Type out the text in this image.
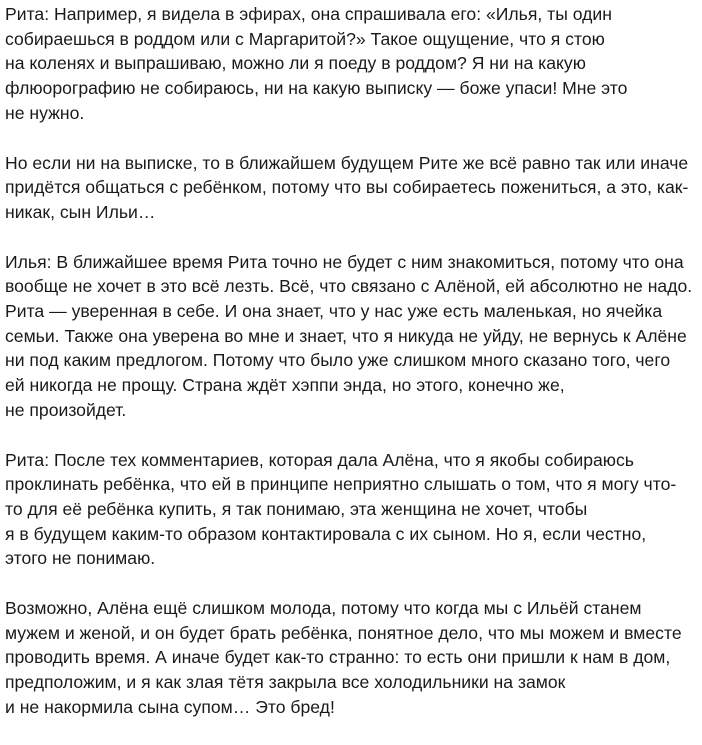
Рита: Например, я видела в эфирах, она спрашивала его: «Илья, ты один
собираешься в роддом или с Маргаритой?» Такое ощущение, что я стою
на коленях и выпрашиваю, можно ли я поеду в роддом? Я ни на какую
флюорографию не собираюсь, ни на какую выписку — боже упаси! Мне это
не нужно.

Но если ни на выписке, то в ближайшем будущем Рите же всё равно так или иначе
придётся общаться с ребёнком, потому что вы собираетесь пожениться, а это, как-
никак, сын Ильи…

Илья: В ближайшее время Рита точно не будет с ним знакомиться, потому что она
вообще не хочет в это всё лезть. Всё, что связано с Алёной, ей абсолютно не надо.
Рита — уверенная в себе. И она знает, что у нас уже есть маленькая, но ячейка
семьи. Также она уверена во мне и знает, что я никуда не уйду, не вернусь к Алёне
ни под каким предлогом. Потому что было уже слишком много сказано того, чего
ей никогда не прощу. Страна ждёт хэппи энда, но этого, конечно же,
не произойдет.

Рита: После тех комментариев, которая дала Алёна, что я якобы собираюсь
проклинать ребёнка, что ей в принципе неприятно слышать о том, что я могу что-
то для её ребёнка купить, я так понимаю, эта женщина не хочет, чтобы
я в будущем каким-то образом контактировала с их сыном. Но я, если честно,
этого не понимаю.

Возможно, Алёна ещё слишком молода, потому что когда мы с Ильёй станем
мужем и женой, и он будет брать ребёнка, понятное дело, что мы можем и вместе
проводить время. А иначе будет как-то странно: то есть они пришли к нам в дом,
предположим, и я как злая тётя закрыла все холодильники на замок
и не накормила сына супом… Это бред!
